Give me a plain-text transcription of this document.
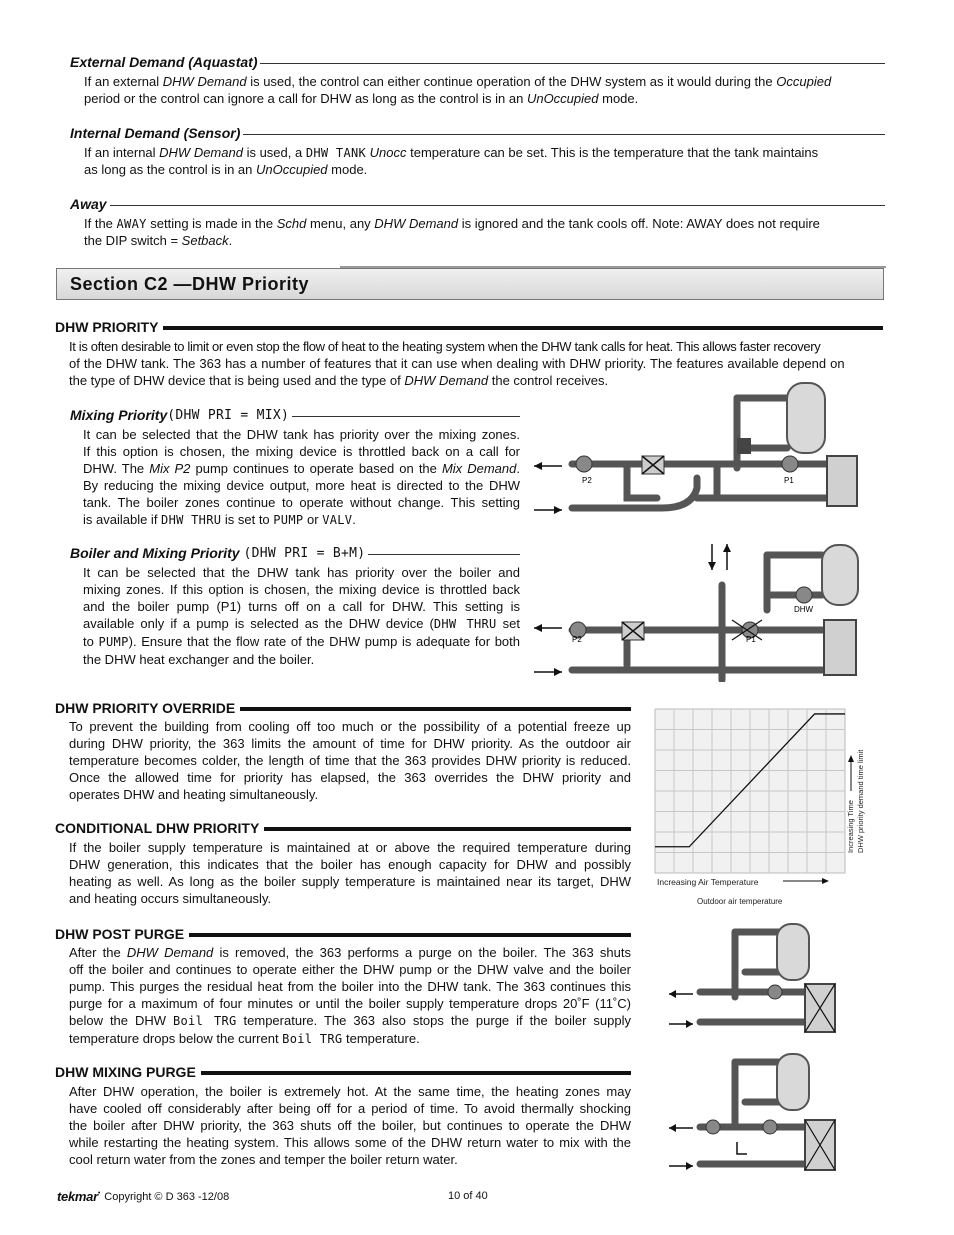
External Demand (Aquastat)

If an external DHW Demand is used, the control can either continue operation of the DHW system as it would during the Occupied

period or the control can ignore a call for DHW as long as the control is in an UnOccupied mode.

Internal Demand (Sensor)

If an internal DHW Demand is used, a DHW TANK Unocc temperature can be set. This is the temperature that the tank maintains

as long as the control is in an UnOccupied mode.

Away

If the AWAY setting is made in the Schd menu, any DHW Demand is ignored and the tank cools off. Note: AWAY does not require

the DIP switch = Setback.

Section C2 —DHW Priority
DHW PRIORITY

It is often desirable to limit or even stop the flow of heat to the heating system when the DHW tank calls for heat. This allows faster recovery

of the DHW tank. The 363 has a number of features that it can use when dealing with DHW priority. The features available depend on

the type of DHW device that is being used and the type of DHW Demand the control receives.

Mixing Priority (DHW PRI = MIX)
It can be selected that the DHW tank has priority over the mixing zones.
If this option is chosen, the mixing device is throttled back on a call for
DHW. The Mix P2 pump continues to operate based on the Mix Demand.
By reducing the mixing device output, more heat is directed to the DHW
tank. The boiler zones continue to operate without change. This setting
is available if DHW THRU is set to PUMP or VALV.
Boiler and Mixing Priority
(DHW PRI = B+M)
It can be selected that the DHW tank has priority over the boiler and
mixing zones. If this option is chosen, the mixing device is throttled back
and the boiler pump (P1) turns off on a call for DHW. This setting is
available only if a pump is selected as the DHW device (DHW THRU set
to PUMP). Ensure that the flow rate of the DHW pump is adequate for both
the DHW heat exchanger and the boiler.
P2	P1
P2	P1
DHW
DHW PRIORITY OVERRIDE
To prevent the building from cooling off too much or the possibility of a potential freeze up
during DHW priority, the 363 limits the amount of time for DHW priority. As the outdoor air
temperature becomes colder, the length of time that the 363 provides DHW priority is reduced.
Once the allowed time for priority has elapsed, the 363 overrides the DHW priority and
operates DHW and heating simultaneously.
Increasing Air Temperature
Outdoor air temperature
Increasing Time DHW priority demand time limit
CONDITIONAL DHW PRIORITY
If the boiler supply temperature is maintained at or above the required temperature during
DHW generation, this indicates that the boiler has enough capacity for DHW and possibly
heating as well. As long as the boiler supply temperature is maintained near its target, DHW
and heating occurs simultaneously.
DHW POST PURGE
After the DHW Demand is removed, the 363 performs a purge on the boiler. The 363 shuts
off the boiler and continues to operate either the DHW pump or the DHW valve and the boiler
pump. This purges the residual heat from the boiler into the DHW tank. The 363 continues this
purge for a maximum of four minutes or until the boiler supply temperature drops 20˚F (11˚C)
below the DHW Boil TRG temperature. The 363 also stops the purge if the boiler supply
temperature drops below the current Boil TRG temperature.
DHW MIXING PURGE
After DHW operation, the boiler is extremely hot. At the same time, the heating zones may
have cooled off considerably after being off for a period of time. To avoid thermally shocking
the boiler after DHW priority, the 363 shuts off the boiler, but continues to operate the DHW
while restarting the heating system. This allows some of the DHW return water to mix with the
cool return water from the zones and temper the boiler return water.
tekmar • Copyright © D 363 -12/08	10 of 40
